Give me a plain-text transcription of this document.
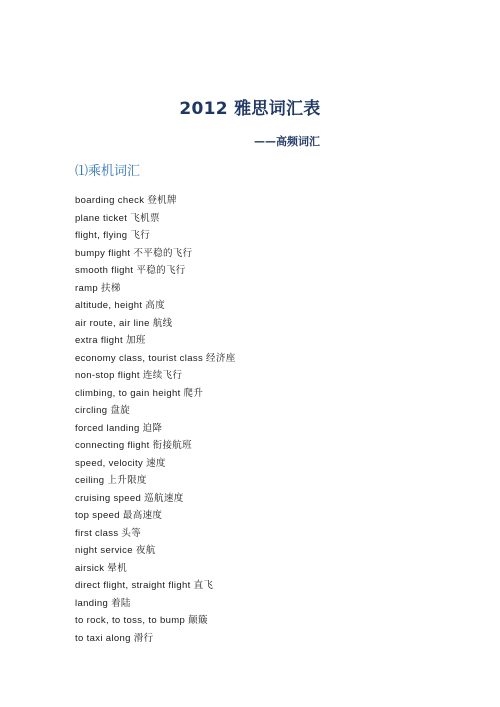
2012 雅思词汇表
——高频词汇
⑴乘机词汇
boarding check 登机牌
plane ticket 飞机票
flight, flying 飞行
bumpy flight 不平稳的飞行
smooth flight 平稳的飞行
ramp 扶梯
altitude, height 高度
air route, air line 航线
extra flight 加班
economy class, tourist class 经济座
non-stop flight 连续飞行
climbing, to gain height 爬升
circling 盘旋
forced landing 迫降
connecting flight 衔接航班
speed, velocity 速度
ceiling 上升限度
cruising speed 巡航速度
top speed 最高速度
first class 头等
night service 夜航
airsick 晕机
direct flight, straight flight 直飞
landing 着陆
to rock, to toss, to bump 颠簸
to taxi along 滑行
